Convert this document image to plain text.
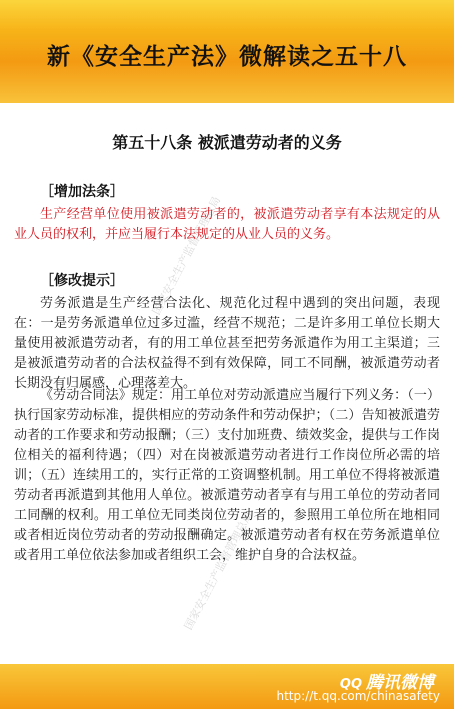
新《安全生产法》微解读之五十八
国家安全生产监督管理总局
国家安全生产监督管理总局
第五十八条 被派遣劳动者的义务
［增加法条］

生产经营单位使用被派遣劳动者的，被派遣劳动者享有本法规定的从业人员的权利，并应当履行本法规定的从业人员的义务。

［修改提示］

劳务派遣是生产经营合法化、规范化过程中遇到的突出问题，表现在：一是劳务派遣单位过多过滥，经营不规范；二是许多用工单位长期大量使用被派遣劳动者，有的用工单位甚至把劳务派遣作为用工主渠道；三是被派遣劳动者的合法权益得不到有效保障，同工不同酬，被派遣劳动者长期没有归属感，心理落差大。

《劳动合同法》规定：用工单位对劳动派遣应当履行下列义务：（一）执行国家劳动标准，提供相应的劳动条件和劳动保护；（二）告知被派遣劳动者的工作要求和劳动报酬；（三）支付加班费、绩效奖金，提供与工作岗位相关的福利待遇；（四）对在岗被派遣劳动者进行工作岗位所必需的培训；（五）连续用工的，实行正常的工资调整机制。用工单位不得将被派遣劳动者再派遣到其他用人单位。被派遣劳动者享有与用工单位的劳动者同工同酬的权利。用工单位无同类岗位劳动者的，参照用工单位所在地相同或者相近岗位劳动者的劳动报酬确定。被派遣劳动者有权在劳务派遣单位或者用工单位依法参加或者组织工会，维护自身的合法权益。

QQ 腾讯微博
http://t.qq.com/chinasafety
